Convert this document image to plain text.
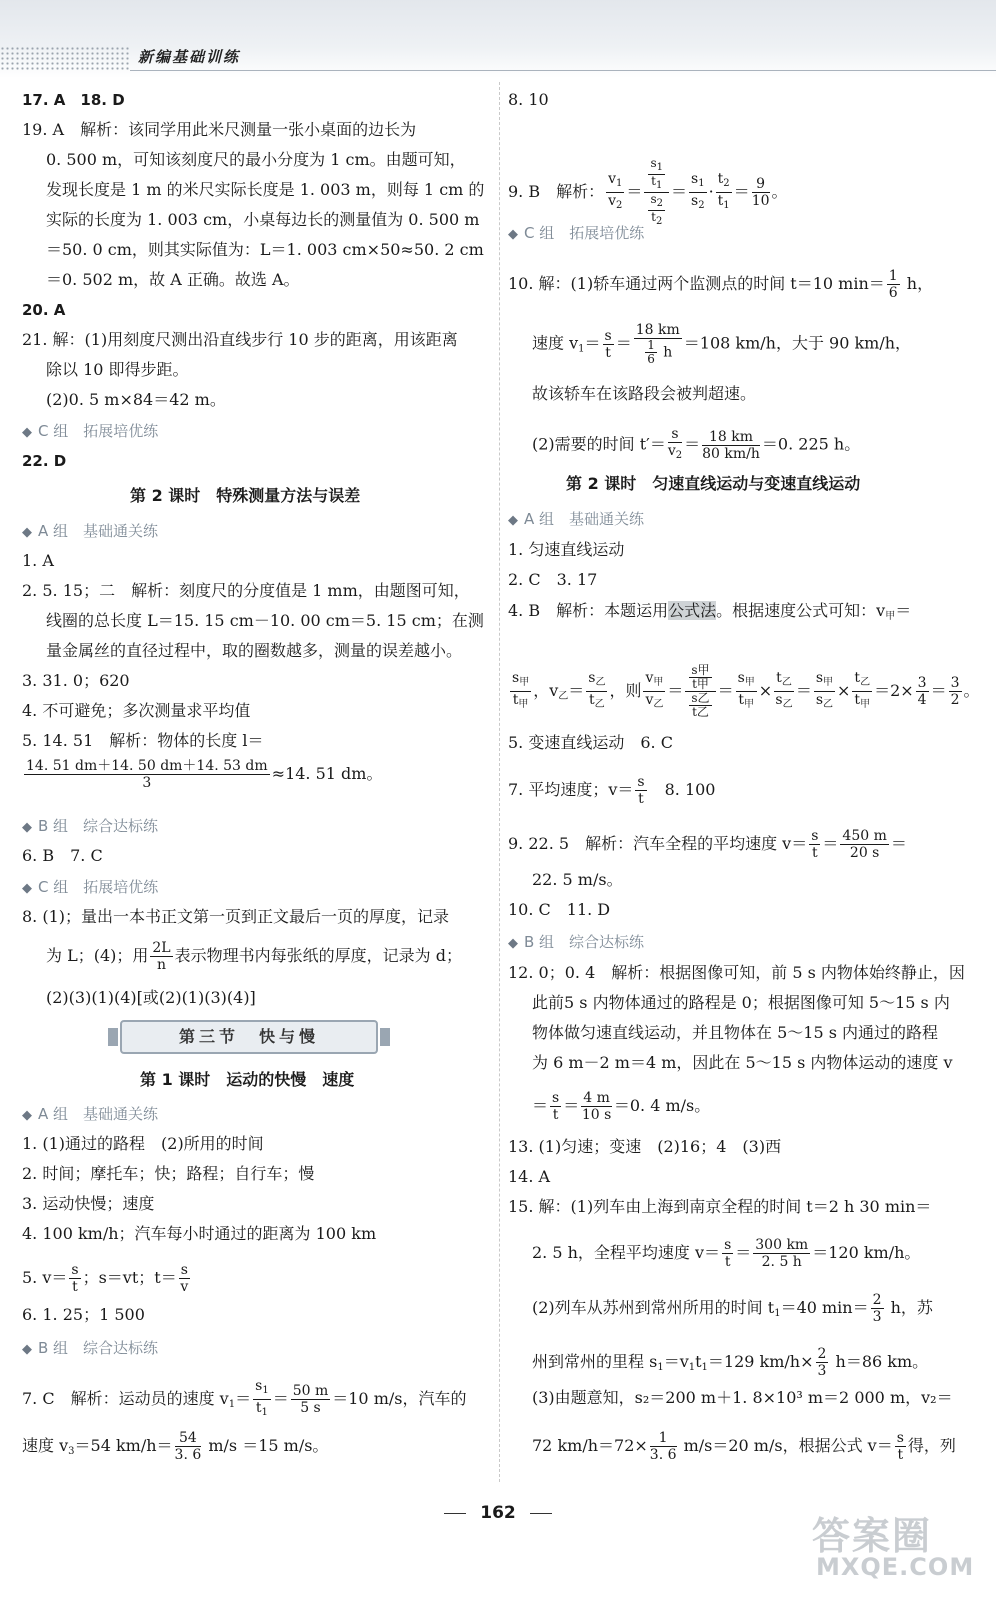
新编基础训练
17. A　18. D
19. A　解析：该同学用此米尺测量一张小桌面的边长为
0. 500 m，可知该刻度尺的最小分度为 1 cm。由题可知，
发现长度是 1 m 的米尺实际长度是 1. 003 m，则每 1 cm 的
实际的长度为 1. 003 cm，小桌每边长的测量值为 0. 500 m
＝50. 0 cm，则其实际值为：L＝1. 003 cm×50≈50. 2 cm
＝0. 502 m，故 A 正确。故选 A。
20. A
21. 解：(1)用刻度尺测出沿直线步行 10 步的距离，用该距离
除以 10 即得步距。
(2)0. 5 m×84＝42 m。
◆ C 组　拓展培优练
22. D
第 2 课时　特殊测量方法与误差
◆ A 组　基础通关练
1. A
2. 5. 15；二　解析：刻度尺的分度值是 1 mm，由题图可知，
线圈的总长度 L＝15. 15 cm－10. 00 cm＝5. 15 cm；在测
量金属丝的直径过程中，取的圈数越多，测量的误差越小。
3. 31. 0；620
4. 不可避免；多次测量求平均值
5. 14. 51　解析：物体的长度 l＝
$\frac{14. 51 dm+14. 50 dm+14. 53 dm}{3} \approx 14$. 51 dm。
◆ B 组　综合达标练
6. B　7. C
◆ C 组　拓展培优练
8. (1)；量出一本书正文第一页到正文最后一页的厚度，记录
为 L；(4)；用 $\frac{2L}{n}$ 表示物理书内每张纸的厚度，记录为 d；
(2)(3)(1)(4)[或(2)(1)(3)(4)]
第 1 课时　运动的快慢　速度
◆ A 组　基础通关练
1. (1)通过的路程　(2)所用的时间
2. 时间；摩托车；快；路程；自行车；慢
3. 运动快慢；速度
4. 100 km/h；汽车每小时通过的距离为 100 km
5. $v= \frac{s}{t}$ ；s＝vt；$t= \frac{s}{v}$
6. 1. 25；1 500
◆ B 组　综合达标练
7. C　解析：运动员的速度 $v_1= \frac{s_1}{t_1} = \frac{50 m}{5 s} =10$ m/s，汽车的
速度 $v_3=54$ $km/h= \frac{54}{3. 6} m/s =15$ m/s。
第三节　快与慢
8. 10
9. B　解析： $\frac{v_1}{v_2} = \frac{\frac{s_1}{t_1}}{\frac{s_2}{t_2}} = \frac{s_1}{s_2} \cdot \frac{t_2}{t_1} = \frac{9}{10}$ 。
◆ C 组　拓展培优练
10. 解：(1)轿车通过两个监测点的时间 t＝10 $\min= \frac{1}{6}$ h，
速度 $v_1= \frac{s}{t} = \frac{18 km}{\frac{1}{6} h} =108$ km/h，大于 90 km/h，
故该轿车在该路段会被判超速。
(2)需要的时间 $t'= \frac{s}{v_2} = \frac{18 km}{80 km/h} =0$. 225 h。
第 2 课时　匀速直线运动与变速直线运动
◆ A 组　基础通关练
1. 匀速直线运动
2. C　3. 17
4. B　解析：本题运用公式法。根据速度公式可知：$v_甲=$
$\frac{s_甲}{t_甲}$ ，$v_乙= \frac{s_乙}{t_乙}$ ，则 $\frac{v_甲}{v_乙} = \frac{\frac{\text{s甲}}{\text{t甲}}}{\frac{\text{s乙}}{\text{t乙}}} = \frac{s_甲}{t_甲} \times \frac{t_乙}{s_乙} = \frac{s_甲}{s_乙} \times \frac{t_乙}{t_甲} =2\times \frac{3}{4} = \frac{3}{2}$ 。
5. 变速直线运动　6. C
7. 平均速度；$v= \frac{s}{t}$ 　8. 100
9. 22. 5　解析：汽车全程的平均速度 $v= \frac{s}{t} = \frac{450 m}{20 s}$ ＝
22. 5 m/s。
10. C　11. D
◆ B 组　综合达标练
12. 0；0. 4　解析：根据图像可知，前 5 s 内物体始终静止，因
此前5 s 内物体通过的路程是 0；根据图像可知 5～15 s 内
物体做匀速直线运动，并且物体在 5～15 s 内通过的路程
为 6 m－2 m＝4 m，因此在 5～15 s 内物体运动的速度 v
＝ $\frac{s}{t} = \frac{4 m}{10 s} =0$. 4 m/s。
13. (1)匀速；变速　(2)16；4　(3)西
14. A
15. 解：(1)列车由上海到南京全程的时间 t＝2 h 30 min＝
2. 5 h，全程平均速度 $v= \frac{s}{t} = \frac{300 km}{2. 5 h} =120$ km/h。
(2)列车从苏州到常州所用的时间 $t_1=40$ $\min= \frac{2}{3}$ h，苏
州到常州的里程 $s_1=v_1t_1=129$ $km/h\times \frac{2}{3} h=86$ km。
(3)由题意知，s₂＝200 m＋1. 8×10³ m＝2 000 m，v₂＝
72 $km/h=72\times \frac{1}{3. 6} m/s=20$ m/s，根据公式 $v= \frac{s}{t}$ 得，列
162
答案圈
MXQE.COM
